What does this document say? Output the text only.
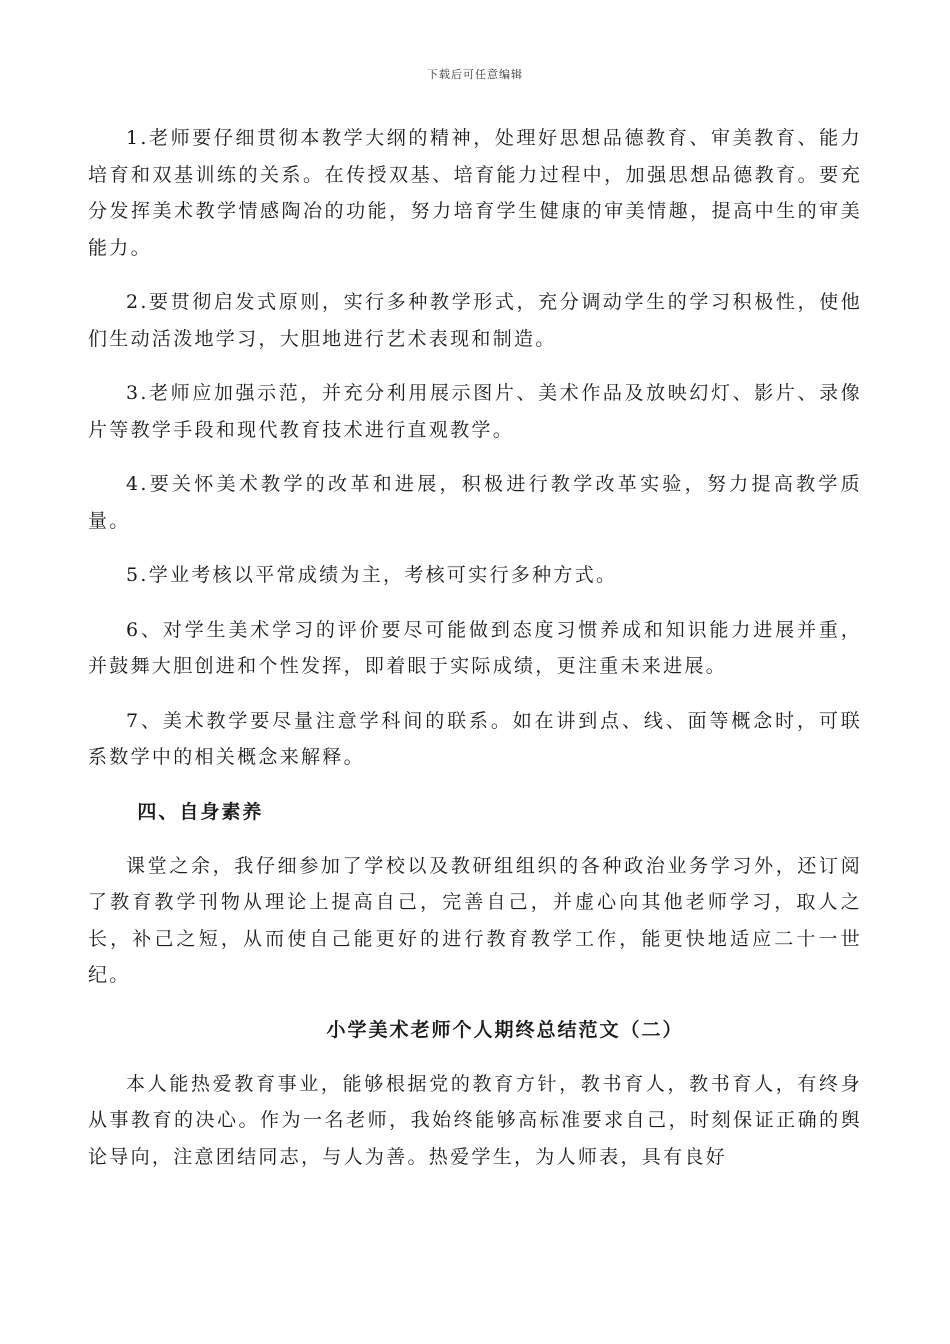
下载后可任意编辑

1.老师要仔细贯彻本教学大纲的精神，处理好思想品德教育、审美教育、能力培育和双基训练的关系。在传授双基、培育能力过程中，加强思想品德教育。要充分发挥美术教学情感陶冶的功能，努力培育学生健康的审美情趣，提高中生的审美能力。

2.要贯彻启发式原则，实行多种教学形式，充分调动学生的学习积极性，使他们生动活泼地学习，大胆地进行艺术表现和制造。

3.老师应加强示范，并充分利用展示图片、美术作品及放映幻灯、影片、录像片等教学手段和现代教育技术进行直观教学。

4.要关怀美术教学的改革和进展，积极进行教学改革实验，努力提高教学质量。

5.学业考核以平常成绩为主，考核可实行多种方式。

6、对学生美术学习的评价要尽可能做到态度习惯养成和知识能力进展并重，并鼓舞大胆创进和个性发挥，即着眼于实际成绩，更注重未来进展。

7、美术教学要尽量注意学科间的联系。如在讲到点、线、面等概念时，可联系数学中的相关概念来解释。

四、自身素养

课堂之余，我仔细参加了学校以及教研组组织的各种政治业务学习外，还订阅了教育教学刊物从理论上提高自己，完善自己，并虚心向其他老师学习，取人之长，补己之短，从而使自己能更好的进行教育教学工作，能更快地适应二十一世纪。

小学美术老师个人期终总结范文（二）

本人能热爱教育事业，能够根据党的教育方针，教书育人，教书育人，有终身从事教育的决心。作为一名老师，我始终能够高标准要求自己，时刻保证正确的舆论导向，注意团结同志，与人为善。热爱学生，为人师表，具有良好
